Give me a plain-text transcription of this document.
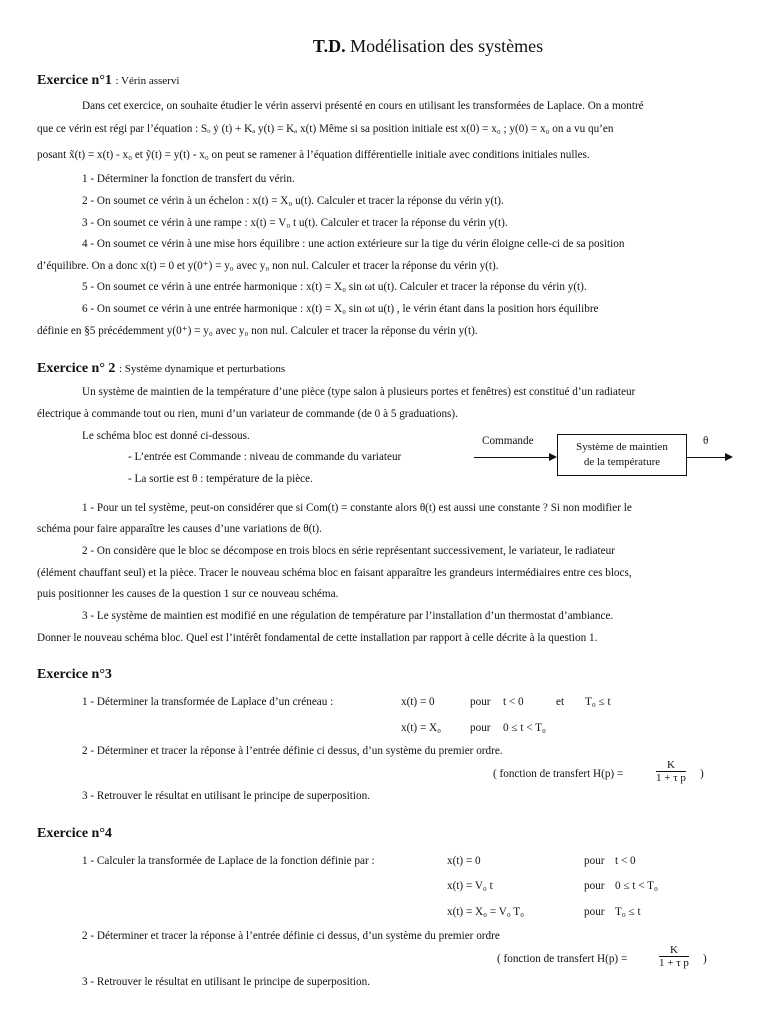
T.D. Modélisation des systèmes
Exercice n°1 : Vérin asservi
Dans cet exercice, on souhaite étudier le vérin asservi présenté en cours en utilisant les transformées de Laplace. On a montré
que ce vérin est régi par l’équation : Sₒ ẏ (t) + Kₐ y(t) = Kₐ x(t) Même si sa position initiale est x(0) = x₀ ; y(0) = x₀ on a vu qu’en
posant x̃(t) = x(t) - x₀ et ỹ(t) = y(t) - x₀ on peut se ramener à l’équation différentielle initiale avec conditions initiales nulles.
1 - Déterminer la fonction de transfert du vérin.
2 - On soumet ce vérin à un échelon : x(t) = X₀ u(t). Calculer et tracer la réponse du vérin y(t).
3 - On soumet ce vérin à une rampe : x(t) = V₀ t u(t). Calculer et tracer la réponse du vérin y(t).
4 - On soumet ce vérin à une mise hors équilibre : une action extérieure sur la tige du vérin éloigne celle-ci de sa position
d’équilibre. On a donc x(t) = 0 et y(0⁺) = y₀ avec y₀ non nul. Calculer et tracer la réponse du vérin y(t).
5 - On soumet ce vérin à une entrée harmonique : x(t) = X₀ sin ωt u(t). Calculer et tracer la réponse du vérin y(t).
6 - On soumet ce vérin à une entrée harmonique : x(t) = X₀ sin ωt u(t) , le vérin étant dans la position hors équilibre
définie en §5 précédemment y(0⁺) = y₀ avec y₀ non nul. Calculer et tracer la réponse du vérin y(t).
Exercice n° 2 : Système dynamique et perturbations
Un système de maintien de la température d’une pièce (type salon à plusieurs portes et fenêtres) est constitué d’un radiateur
électrique à commande tout ou rien, muni d’un variateur de commande (de 0 à 5 graduations).
Le schéma bloc est donné ci-dessous.
- L’entrée est Commande : niveau de commande du variateur
- La sortie est θ : température de la pièce.
Commande	Système de maintien
de la température
θ
1 - Pour un tel système, peut-on considérer que si Com(t) = constante alors θ(t) est aussi une constante ? Si non modifier le
schéma pour faire apparaître les causes d’une variations de θ(t).
2 - On considère que le bloc se décompose en trois blocs en série représentant successivement, le variateur, le radiateur
(élément chauffant seul) et la pièce. Tracer le nouveau schéma bloc en faisant apparaître les grandeurs intermédiaires entre ces blocs,
puis positionner les causes de la question 1 sur ce nouveau schéma.
3 - Le système de maintien est modifié en une régulation de température par l’installation d’un thermostat d’ambiance.
Donner le nouveau schéma bloc. Quel est l’intérêt fondamental de cette installation par rapport à celle décrite à la question 1.
Exercice n°3
1 - Déterminer la transformée de Laplace d’un créneau :	x(t) = 0	pour t < 0	et T₀ ≤ t
x(t) = X₀	pour 0 ≤ t < T₀
2 - Déterminer et tracer la réponse à l’entrée définie ci dessus, d’un système du premier ordre.
( fonction de transfert H(p) =	$\frac{K}{\text{1 + τ p}}$ )
3 - Retrouver le résultat en utilisant le principe de superposition.
Exercice n°4
1 - Calculer la transformée de Laplace de la fonction définie par :	x(t) = 0	pour t < 0
x(t) = V₀ t	pour 0 ≤ t < T₀
x(t) = X₀ = V₀ T₀	pour T₀ ≤ t
2 - Déterminer et tracer la réponse à l’entrée définie ci dessus, d’un système du premier ordre
( fonction de transfert H(p) =	$\frac{K}{\text{1 + τ p}}$ )
3 - Retrouver le résultat en utilisant le principe de superposition.
